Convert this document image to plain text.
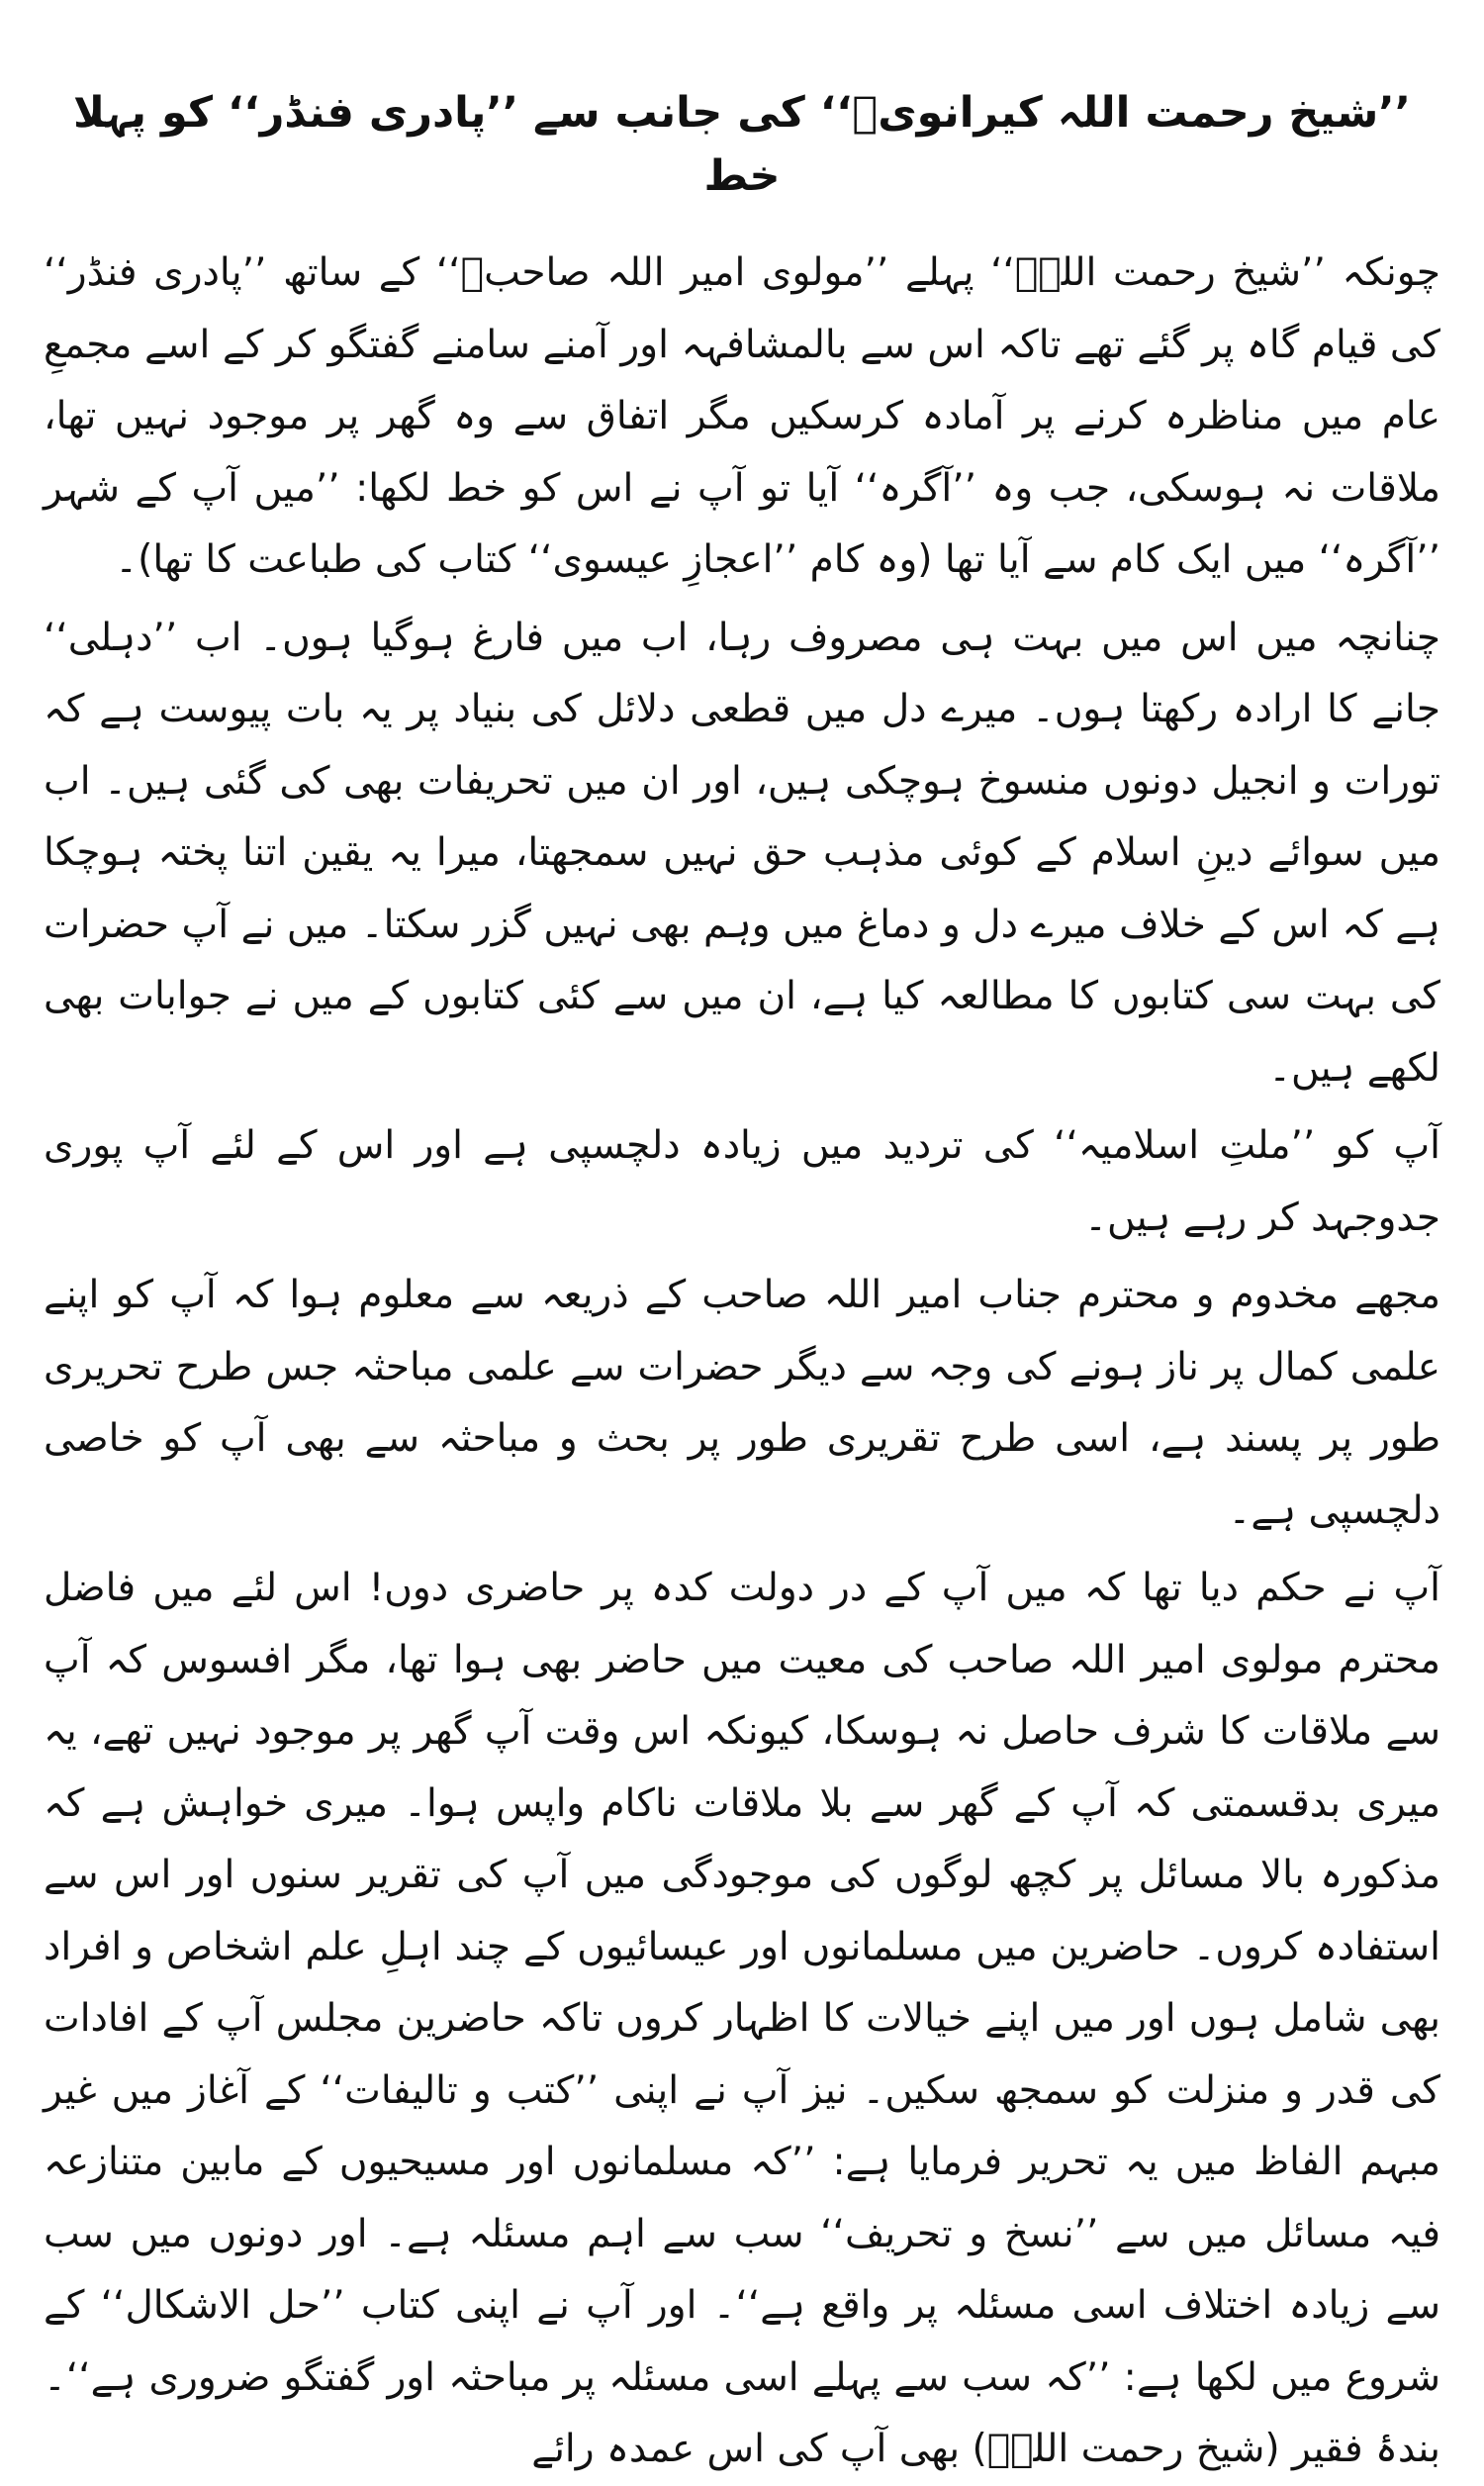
’’شیخ رحمت اللہ کیرانویؒ‘‘ کی جانب سے ’’پادری فنڈر‘‘ کو پہلا خط

چونکہ ’’شیخ رحمت اللہؒ‘‘ پہلے ’’مولوی امیر اللہ صاحبؒ‘‘ کے ساتھ ’’پادری فنڈر‘‘ کی قیام گاہ پر گئے تھے تاکہ اس سے بالمشافہہ اور آمنے سامنے گفتگو کر کے اسے مجمعِ عام میں مناظرہ کرنے پر آمادہ کرسکیں مگر اتفاق سے وہ گھر پر موجود نہیں تھا، ملاقات نہ ہوسکی، جب وہ ’’آگرہ‘‘ آیا تو آپ نے اس کو خط لکھا: ’’میں آپ کے شہر ’’آگرہ‘‘ میں ایک کام سے آیا تھا (وہ کام ’’اعجازِ عیسوی‘‘ کتاب کی طباعت کا تھا)۔

چنانچہ میں اس میں بہت ہی مصروف رہا، اب میں فارغ ہوگیا ہوں۔ اب ’’دہلی‘‘ جانے کا ارادہ رکھتا ہوں۔ میرے دل میں قطعی دلائل کی بنیاد پر یہ بات پیوست ہے کہ تورات و انجیل دونوں منسوخ ہوچکی ہیں، اور ان میں تحریفات بھی کی گئی ہیں۔ اب میں سوائے دینِ اسلام کے کوئی مذہب حق نہیں سمجھتا، میرا یہ یقین اتنا پختہ ہوچکا ہے کہ اس کے خلاف میرے دل و دماغ میں وہم بھی نہیں گزر سکتا۔ میں نے آپ حضرات کی بہت سی کتابوں کا مطالعہ کیا ہے، ان میں سے کئی کتابوں کے میں نے جوابات بھی لکھے ہیں۔

آپ کو ’’ملتِ اسلامیہ‘‘ کی تردید میں زیادہ دلچسپی ہے اور اس کے لئے آپ پوری جدوجہد کر رہے ہیں۔

مجھے مخدوم و محترم جناب امیر اللہ صاحب کے ذریعہ سے معلوم ہوا کہ آپ کو اپنے علمی کمال پر ناز ہونے کی وجہ سے دیگر حضرات سے علمی مباحثہ جس طرح تحریری طور پر پسند ہے، اسی طرح تقریری طور پر بحث و مباحثہ سے بھی آپ کو خاصی دلچسپی ہے۔

آپ نے حکم دیا تھا کہ میں آپ کے در دولت کدہ پر حاضری دوں! اس لئے میں فاضل محترم مولوی امیر اللہ صاحب کی معیت میں حاضر بھی ہوا تھا، مگر افسوس کہ آپ سے ملاقات کا شرف حاصل نہ ہوسکا، کیونکہ اس وقت آپ گھر پر موجود نہیں تھے، یہ میری بدقسمتی کہ آپ کے گھر سے بلا ملاقات ناکام واپس ہوا۔ میری خواہش ہے کہ مذکورہ بالا مسائل پر کچھ لوگوں کی موجودگی میں آپ کی تقریر سنوں اور اس سے استفادہ کروں۔ حاضرین میں مسلمانوں اور عیسائیوں کے چند اہلِ علم اشخاص و افراد بھی شامل ہوں اور میں اپنے خیالات کا اظہار کروں تاکہ حاضرین مجلس آپ کے افادات کی قدر و منزلت کو سمجھ سکیں۔ نیز آپ نے اپنی ’’کتب و تالیفات‘‘ کے آغاز میں غیر مبہم الفاظ میں یہ تحریر فرمایا ہے: ’’کہ مسلمانوں اور مسیحیوں کے مابین متنازعہ فیہ مسائل میں سے ’’نسخ و تحریف‘‘ سب سے اہم مسئلہ ہے۔ اور دونوں میں سب سے زیادہ اختلاف اسی مسئلہ پر واقع ہے‘‘۔ اور آپ نے اپنی کتاب ’’حل الاشکال‘‘ کے شروع میں لکھا ہے: ’’کہ سب سے پہلے اسی مسئلہ پر مباحثہ اور گفتگو ضروری ہے‘‘۔ بندۂ فقیر (شیخ رحمت اللہؒ) بھی آپ کی اس عمدہ رائے
